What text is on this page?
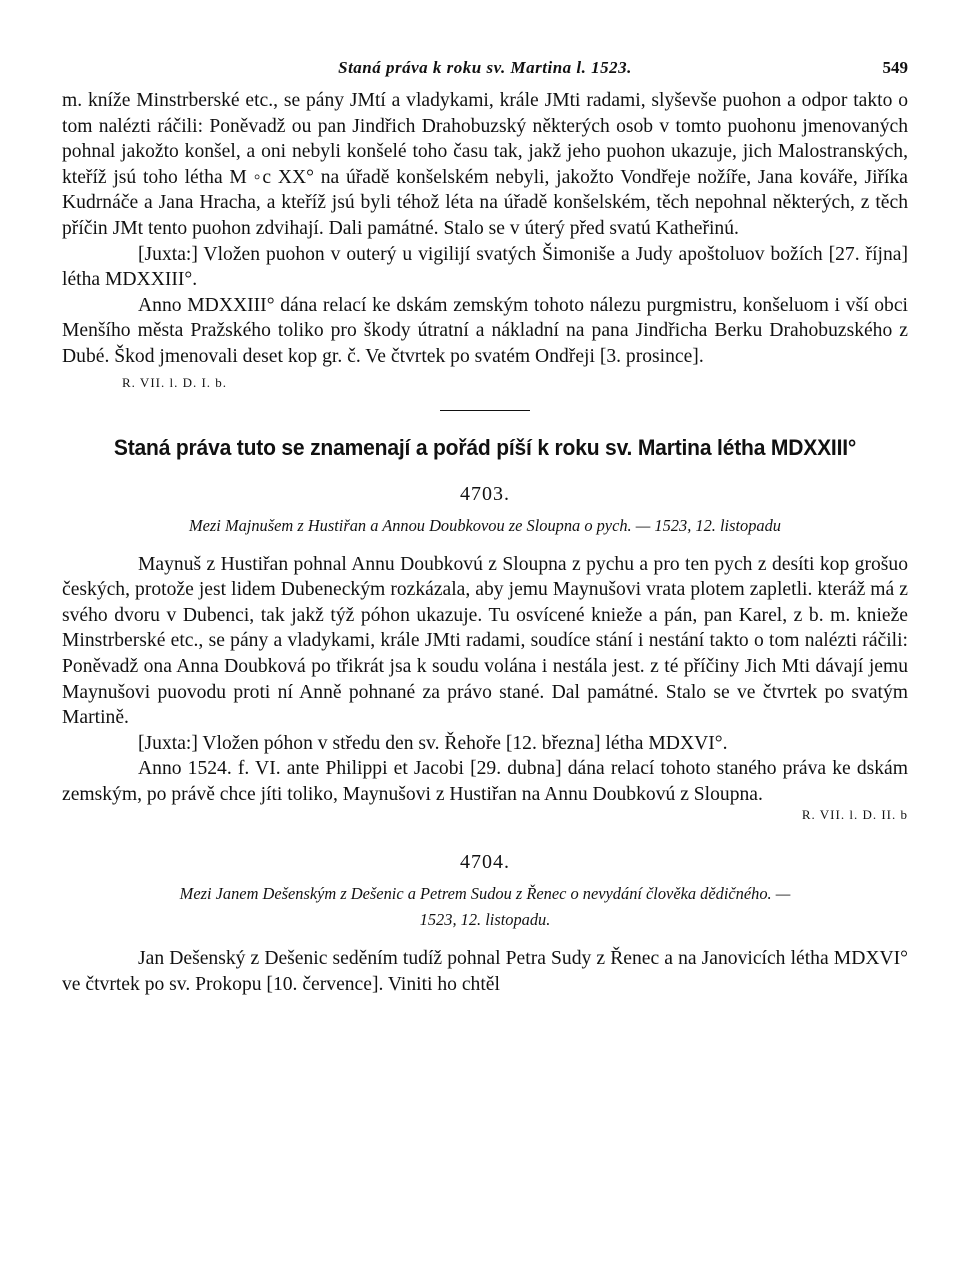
Staná práva k roku sv. Martina l. 1523.	549

m. kníže Minstrberské etc., se pány JMtí a vladykami, krále JMti radami, slyševše puohon a odpor takto o tom nalézti ráčili: Poněvadž ou pan Jindřich Drahobuzský některých osob v tomto puohonu jmenovaných pohnal jakožto konšel, a oni nebyli konšelé toho času tak, jakž jeho puohon ukazuje, jich Malostranských, kteříž jsú toho létha M ◦c XX° na úřadě konšelském nebyli, jakožto Vondřeje nožíře, Jana kováře, Jiříka Kudrnáče a Jana Hracha, a kteříž jsú byli téhož léta na úřadě konšelském, těch nepohnal některých, z těch příčin JMt tento puohon zdvihají. Dali památné. Stalo se v úterý před svatú Katheřinú.

[Juxta:] Vložen puohon v outerý u vigilijí svatých Šimoniše a Judy apoštoluov božích [27. října] létha MDXXIII°.

Anno MDXXIII° dána relací ke dskám zemským tohoto nálezu purgmistru, konšeluom i vší obci Menšího města Pražského toliko pro škody útratní a nákladní na pana Jindřicha Berku Drahobuzského z Dubé. Škod jmenovali deset kop gr. č. Ve čtvrtek po svatém Ondřeji [3. prosince].

R. VII. l. D. I. b.
Staná práva tuto se znamenají a pořád píší k roku sv. Martina létha MDXXIII°
4703.
Mezi Majnušem z Hustiřan a Annou Doubkovou ze Sloupna o pych. — 1523, 12. listopadu

Maynuš z Hustiřan pohnal Annu Doubkovú z Sloupna z pychu a pro ten pych z desíti kop grošuo českých, protože jest lidem Dubeneckým rozkázala, aby jemu Maynušovi vrata plotem zapletli. kteráž má z svého dvoru v Dubenci, tak jakž týž póhon ukazuje. Tu osvícené knieže a pán, pan Karel, z b. m. knieže Minstrberské etc., se pány a vladykami, krále JMti radami, soudíce stání i nestání takto o tom nalézti ráčili: Poněvadž ona Anna Doubková po třikrát jsa k soudu volána i nestála jest. z té příčiny Jich Mti dávají jemu Maynušovi puovodu proti ní Anně pohnané za právo stané. Dal památné. Stalo se ve čtvrtek po svatým Martině.

[Juxta:] Vložen póhon v středu den sv. Řehoře [12. března] létha MDXVI°.

Anno 1524. f. VI. ante Philippi et Jacobi [29. dubna] dána relací tohoto staného práva ke dskám zemským, po právě chce jíti toliko, Maynušovi z Hustiřan na Annu Doubkovú z Sloupna.

R. VII. l. D. II. b
4704.
Mezi Janem Dešenským z Dešenic a Petrem Sudou z Řenec o nevydání člověka dědičného. —
1523, 12. listopadu.

Jan Dešenský z Dešenic seděním tudíž pohnal Petra Sudy z Řenec a na Janovicích létha MDXVI° ve čtvrtek po sv. Prokopu [10. července]. Viniti ho chtěl
